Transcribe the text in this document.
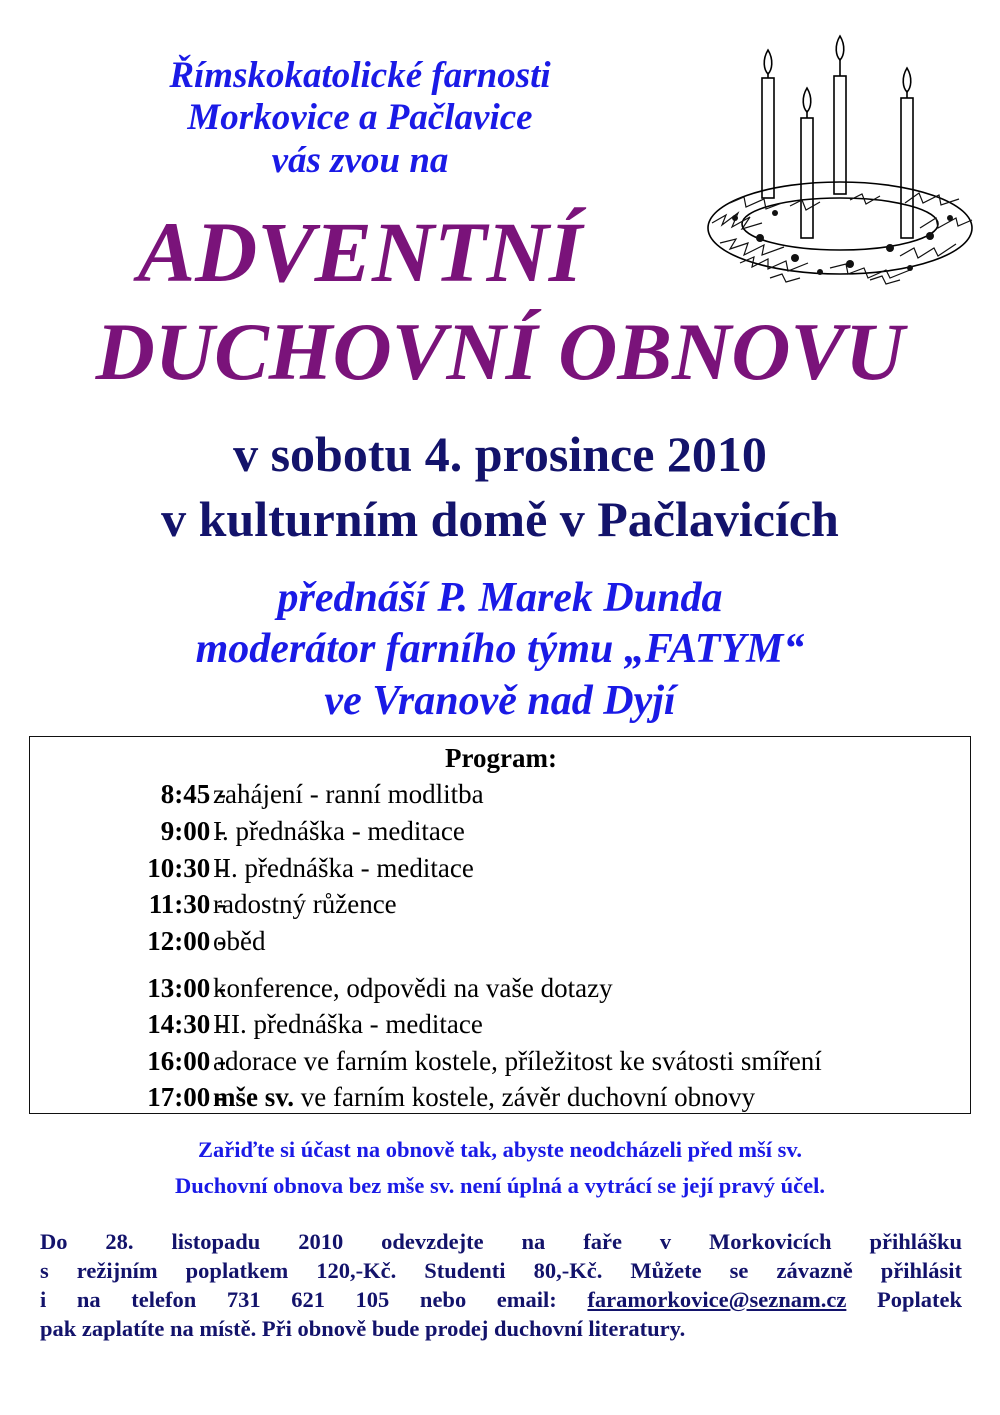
Římskokatolické farnosti
Morkovice a Pačlavice
vás zvou na
ADVENTNÍ
DUCHOVNÍ OBNOVU
v sobotu 4. prosince 2010
v kulturním domě v Pačlavicích
přednáší P. Marek Dunda
moderátor farního týmu „FATYM“
ve Vranově nad Dyjí
Program:
8:45 -
zahájení - ranní modlitba
9:00 -
I. přednáška - meditace
10:30 -
II. přednáška - meditace
11:30 -
radostný růžence
12:00 -
oběd
13:00 -
konference, odpovědi na vaše dotazy
14:30 -
III. přednáška - meditace
16:00 -
adorace ve farním kostele, příležitost ke svátosti smíření
17:00 -
mše sv. ve farním kostele, závěr duchovní obnovy
Zařiďte si účast na obnově tak, abyste neodcházeli před mší sv.
Duchovní obnova bez mše sv. není úplná a vytrácí se její pravý účel.
Do 28. listopadu 2010 odevzdejte na faře v Morkovicích přihlášku
s režijním poplatkem 120,-Kč. Studenti 80,-Kč. Můžete se závazně přihlásit
i na telefon 731 621 105 nebo email: faramorkovice@seznam.cz Poplatek
pak zaplatíte na místě. Při obnově bude prodej duchovní literatury.
